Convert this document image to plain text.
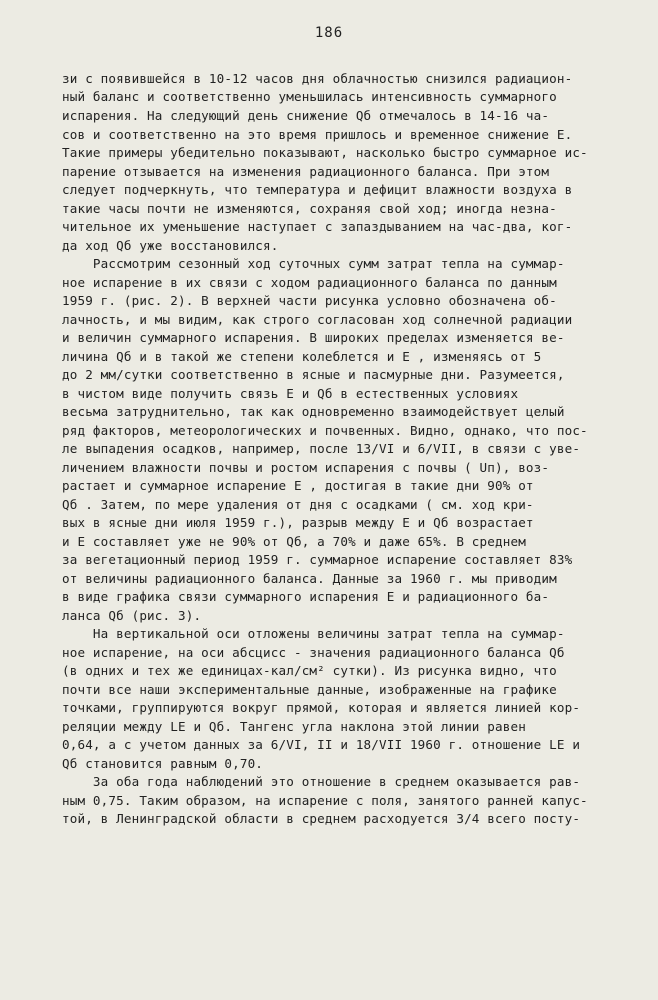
186
зи с появившейся в 10-12 часов дня облачностью снизился радиацион-
ный баланс и соответственно уменьшилась интенсивность суммарного
испарения. На следующий день снижение Qб отмечалось в 14-16 ча-
сов и соответственно на это время пришлось и временное снижение E.
Такие примеры убедительно показывают, насколько быстро суммарное ис-
парение отзывается на изменения радиационного баланса. При этом
следует подчеркнуть, что температура и дефицит влажности воздуха в
такие часы почти не изменяются, сохраняя свой ход; иногда незна-
чительное их уменьшение наступает с запаздыванием на час-два, ког-
да ход Qб уже восстановился.
Рассмотрим сезонный ход суточных сумм затрат тепла на суммар-
ное испарение в их связи с ходом радиационного баланса по данным
1959 г. (рис. 2). В верхней части рисунка условно обозначена об-
лачность, и мы видим, как строго согласован ход солнечной радиации
и величин суммарного испарения. В широких пределах изменяется ве-
личина Qб и в такой же степени колеблется и E , изменяясь от 5
до 2 мм/сутки соответственно в ясные и пасмурные дни. Разумеется,
в чистом виде получить связь E и Qб в естественных условиях
весьма затруднительно, так как одновременно взаимодействует целый
ряд факторов, метеорологических и почвенных. Видно, однако, что пос-
ле выпадения осадков, например, после 13/VI и 6/VII, в связи с уве-
личением влажности почвы и ростом испарения с почвы ( Uп), воз-
растает и суммарное испарение E , достигая в такие дни 90% от
Qб . Затем, по мере удаления от дня с осадками ( см. ход кри-
вых в ясные дни июля 1959 г.), разрыв между E и Qб возрастает
и E составляет уже не 90% от Qб, а 70% и даже 65%. В среднем
за вегетационный период 1959 г. суммарное испарение составляет 83%
от величины радиационного баланса. Данные за 1960 г. мы приводим
в виде графика связи суммарного испарения E и радиационного ба-
ланса Qб (рис. 3).
На вертикальной оси отложены величины затрат тепла на суммар-
ное испарение, на оси абсцисс - значения радиационного баланса Qб
(в одних и тех же единицах-кал/см² сутки). Из рисунка видно, что
почти все наши экспериментальные данные, изображенные на графике
точками, группируются вокруг прямой, которая и является линией кор-
реляции между LE и Qб. Тангенс угла наклона этой линии равен
0,64, а с учетом данных за 6/VI, II и 18/VII 1960 г. отношение LE и
Qб становится равным 0,70.
За оба года наблюдений это отношение в среднем оказывается рав-
ным 0,75. Таким образом, на испарение с поля, занятого ранней капус-
той, в Ленинградской области в среднем расходуется 3/4 всего посту-
